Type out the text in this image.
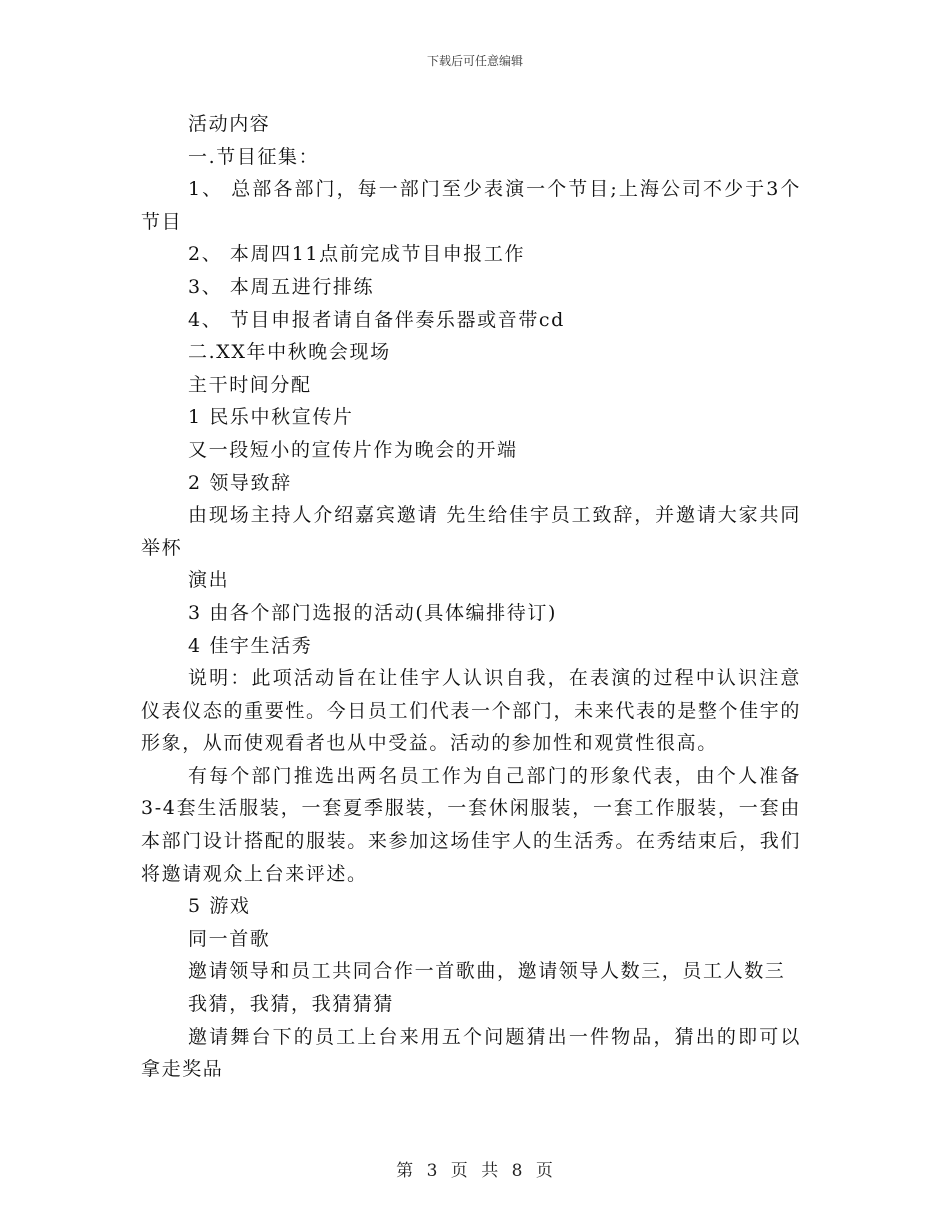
下载后可任意编辑

活动内容

一.节目征集：

1、 总部各部门，每一部门至少表演一个节目;上海公司不少于3个节目

2、 本周四11点前完成节目申报工作

3、 本周五进行排练

4、 节目申报者请自备伴奏乐器或音带cd

二.XX年中秋晚会现场

主干时间分配

1 民乐中秋宣传片

又一段短小的宣传片作为晚会的开端

2 领导致辞

由现场主持人介绍嘉宾邀请 先生给佳宇员工致辞，并邀请大家共同举杯

演出

3 由各个部门选报的活动(具体编排待订)

4 佳宇生活秀

说明：此项活动旨在让佳宇人认识自我，在表演的过程中认识注意仪表仪态的重要性。今日员工们代表一个部门，未来代表的是整个佳宇的形象，从而使观看者也从中受益。活动的参加性和观赏性很高。

有每个部门推选出两名员工作为自己部门的形象代表，由个人准备3-4套生活服装，一套夏季服装，一套休闲服装，一套工作服装，一套由本部门设计搭配的服装。来参加这场佳宇人的生活秀。在秀结束后，我们将邀请观众上台来评述。

5 游戏

同一首歌

邀请领导和员工共同合作一首歌曲，邀请领导人数三，员工人数三

我猜，我猜，我猜猜猜

邀请舞台下的员工上台来用五个问题猜出一件物品，猜出的即可以拿走奖品

第 3 页 共 8 页
